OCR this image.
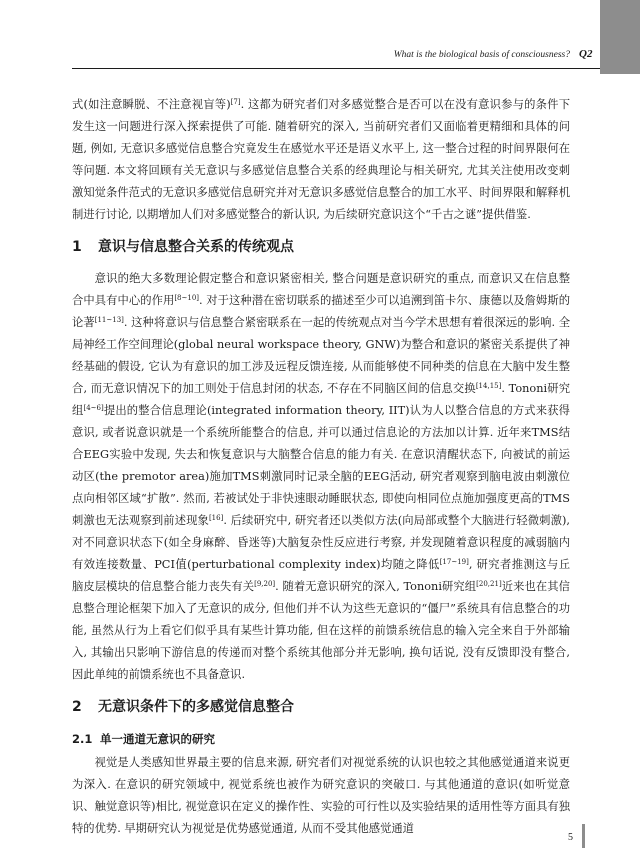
What is the biological basis of consciousness? Q2

式(如注意瞬脱、不注意视盲等)[7]. 这都为研究者们对多感觉整合是否可以在没有意识参与的条件下发生这一问题进行深入探索提供了可能. 随着研究的深入, 当前研究者们又面临着更精细和具体的问题, 例如, 无意识多感觉信息整合究竟发生在感觉水平还是语义水平上, 这一整合过程的时间界限何在等问题. 本文将回顾有关无意识与多感觉信息整合关系的经典理论与相关研究, 尤其关注使用改变刺激知觉条件范式的无意识多感觉信息研究并对无意识多感觉信息整合的加工水平、时间界限和解释机制进行讨论, 以期增加人们对多感觉整合的新认识, 为后续研究意识这个“千古之谜”提供借鉴.

1 意识与信息整合关系的传统观点

意识的绝大多数理论假定整合和意识紧密相关, 整合问题是意识研究的重点, 而意识又在信息整合中具有中心的作用[8~10]. 对于这种潜在密切联系的描述至少可以追溯到笛卡尔、康德以及詹姆斯的论著[11~13]. 这种将意识与信息整合紧密联系在一起的传统观点对当今学术思想有着很深远的影响. 全局神经工作空间理论(global neural workspace theory, GNW)为整合和意识的紧密关系提供了神经基础的假设, 它认为有意识的加工涉及远程反馈连接, 从而能够使不同种类的信息在大脑中发生整合, 而无意识情况下的加工则处于信息封闭的状态, 不存在不同脑区间的信息交换[14,15]. Tononi研究组[4~6]提出的整合信息理论(integrated information theory, IIT)认为人以整合信息的方式来获得意识, 或者说意识就是一个系统所能整合的信息, 并可以通过信息论的方法加以计算. 近年来TMS结合EEG实验中发现, 失去和恢复意识与大脑整合信息的能力有关. 在意识清醒状态下, 向被试的前运动区(the premotor area)施加TMS刺激同时记录全脑的EEG活动, 研究者观察到脑电波由刺激位点向相邻区域“扩散”. 然而, 若被试处于非快速眼动睡眠状态, 即使向相同位点施加强度更高的TMS刺激也无法观察到前述现象[16]. 后续研究中, 研究者还以类似方法(向局部或整个大脑进行轻微刺激), 对不同意识状态下(如全身麻醉、昏迷等)大脑复杂性反应进行考察, 并发现随着意识程度的减弱脑内有效连接数量、PCI值(perturbational complexity index)均随之降低[17~19], 研究者推测这与丘脑皮层模块的信息整合能力丧失有关[9,20]. 随着无意识研究的深入, Tononi研究组[20,21]近来也在其信息整合理论框架下加入了无意识的成分, 但他们并不认为这些无意识的“僵尸”系统具有信息整合的功能, 虽然从行为上看它们似乎具有某些计算功能, 但在这样的前馈系统信息的输入完全来自于外部输入, 其输出只影响下游信息的传递而对整个系统其他部分并无影响, 换句话说, 没有反馈即没有整合, 因此单纯的前馈系统也不具备意识.

2 无意识条件下的多感觉信息整合
2.1 单一通道无意识的研究

视觉是人类感知世界最主要的信息来源, 研究者们对视觉系统的认识也较之其他感觉通道来说更为深入. 在意识的研究领域中, 视觉系统也被作为研究意识的突破口. 与其他通道的意识(如听觉意识、触觉意识等)相比, 视觉意识在定义的操作性、实验的可行性以及实验结果的适用性等方面具有独特的优势. 早期研究认为视觉是优势感觉通道, 从而不受其他感觉通道

5
